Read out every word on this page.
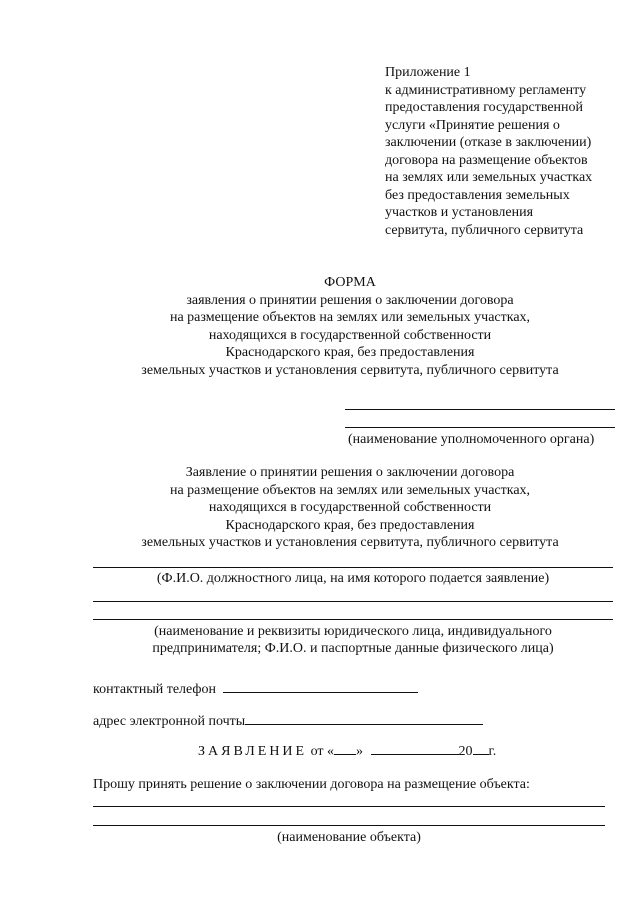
Приложение 1
к административному регламенту
предоставления государственной
услуги «Принятие решения о
заключении (отказе в заключении)
договора на размещение объектов
на землях или земельных участках
без предоставления земельных
участков и установления
сервитута, публичного сервитута
ФОРМА
заявления о принятии решения о заключении договора
на размещение объектов на землях или земельных участках,
находящихся в государственной собственности
Краснодарского края, без предоставления
земельных участков и установления сервитута, публичного сервитута
(наименование уполномоченного органа)
Заявление о принятии решения о заключении договора
на размещение объектов на землях или земельных участках,
находящихся в государственной собственности
Краснодарского края, без предоставления
земельных участков и установления сервитута, публичного сервитута
(Ф.И.О. должностного лица, на имя которого подается заявление)
(наименование и реквизиты юридического лица, индивидуального
предпринимателя; Ф.И.О. и паспортные данные физического лица)
контактный телефон
адрес электронной почты
ЗАЯВЛЕНИЕ от « »	20 г.
Прошу принять решение о заключении договора на размещение объекта:
(наименование объекта)
